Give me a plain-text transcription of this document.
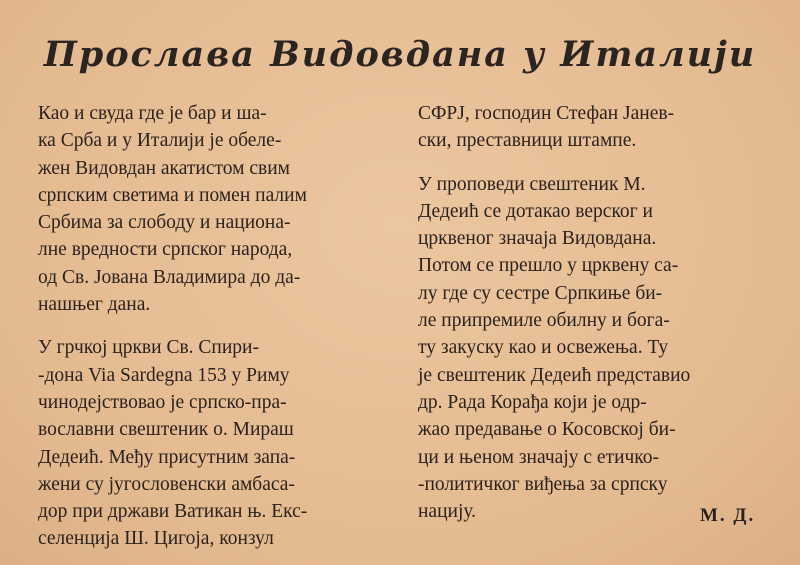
Прослава Видовдана у Италији

Као и свуда где је бар и ша-
ка Срба и у Италији је обеле-
жен Видовдан акатистом свим
српским светима и помен палим
Србима за слободу и национа-
лне вредности српског народа,
од Св. Јована Владимира до да-
нашњег дана.

У грчкој цркви Св. Спири-
-дона Via Sardegna 153 у Риму
чинодејствовао је српско-пра-
вославни свештеник о. Мираш
Дедеић. Међу присутним запа-
жени су југословенски амбаса-
дор при држави Ватикан њ. Екс-
селенција Ш. Цигоја, конзул

СФРЈ, господин Стефан Јанев-
ски, преставници штампе.

У проповеди свештеник М.
Дедеић се дотакао верског и
црквеног значаја Видовдана.
Потом се прешло у црквену са-
лу где су сестре Српкиње би-
ле припремиле обилну и бога-
ту закуску као и освежења. Ту
је свештеник Дедеић представио
др. Рада Корађа који је одр-
жао предавање о Косовској би-
ци и њеном значају с етичко-
-политичког виђења за српску
нацију.	М. Д.
